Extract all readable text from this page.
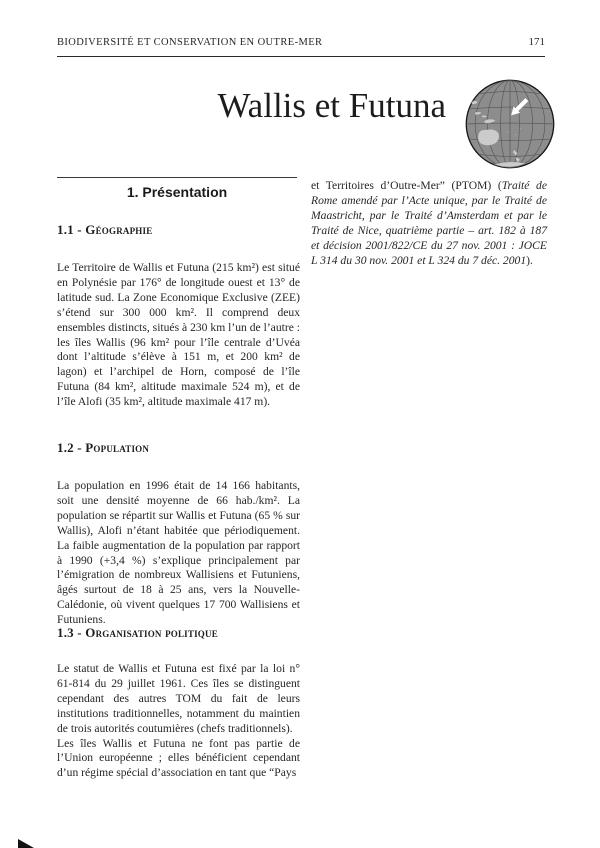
BIODIVERSITÉ ET CONSERVATION EN OUTRE-MER	171
Wallis et Futuna

et Territoires d’Outre-Mer” (PTOM) (Traité de Rome amendé par l’Acte unique, par le Traité de Maastricht, par le Traité d’Amsterdam et par le Traité de Nice, quatrième partie – art. 182 à 187 et décision 2001/822/CE du 27 nov. 2001 : JOCE L 314 du 30 nov. 2001 et L 324 du 7 déc. 2001).

1. Présentation
1.1 - Géographie

Le Territoire de Wallis et Futuna (215 km²) est situé en Polynésie par 176° de longitude ouest et 13° de latitude sud. La Zone Economique Exclusive (ZEE) s’étend sur 300 000 km². Il comprend deux ensembles distincts, situés à 230 km l’un de l’autre : les îles Wallis (96 km² pour l’île centrale d’Uvéa dont l’altitude s’élève à 151 m, et 200 km² de lagon) et l’archipel de Horn, composé de l’île Futuna (84 km², altitude maximale 524 m), et de l’île Alofi (35 km², altitude maximale 417 m).

1.2 - Population

La population en 1996 était de 14 166 habitants, soit une densité moyenne de 66 hab./km². La population se répartit sur Wallis et Futuna (65 % sur Wallis), Alofi n’étant habitée que périodiquement. La faible augmentation de la population par rapport à 1990 (+3,4 %) s’explique principalement par l’émigration de nombreux Wallisiens et Futuniens, âgés surtout de 18 à 25 ans, vers la Nouvelle-Calédonie, où vivent quelques 17 700 Wallisiens et Futuniens.

1.3 - Organisation politique

Le statut de Wallis et Futuna est fixé par la loi n° 61-814 du 29 juillet 1961. Ces îles se distinguent cependant des autres TOM du fait de leurs institutions traditionnelles, notamment du maintien de trois autorités coutumières (chefs traditionnels).

Les îles Wallis et Futuna ne font pas partie de l’Union européenne ; elles bénéficient cependant d’un régime spécial d’association en tant que “Pays
